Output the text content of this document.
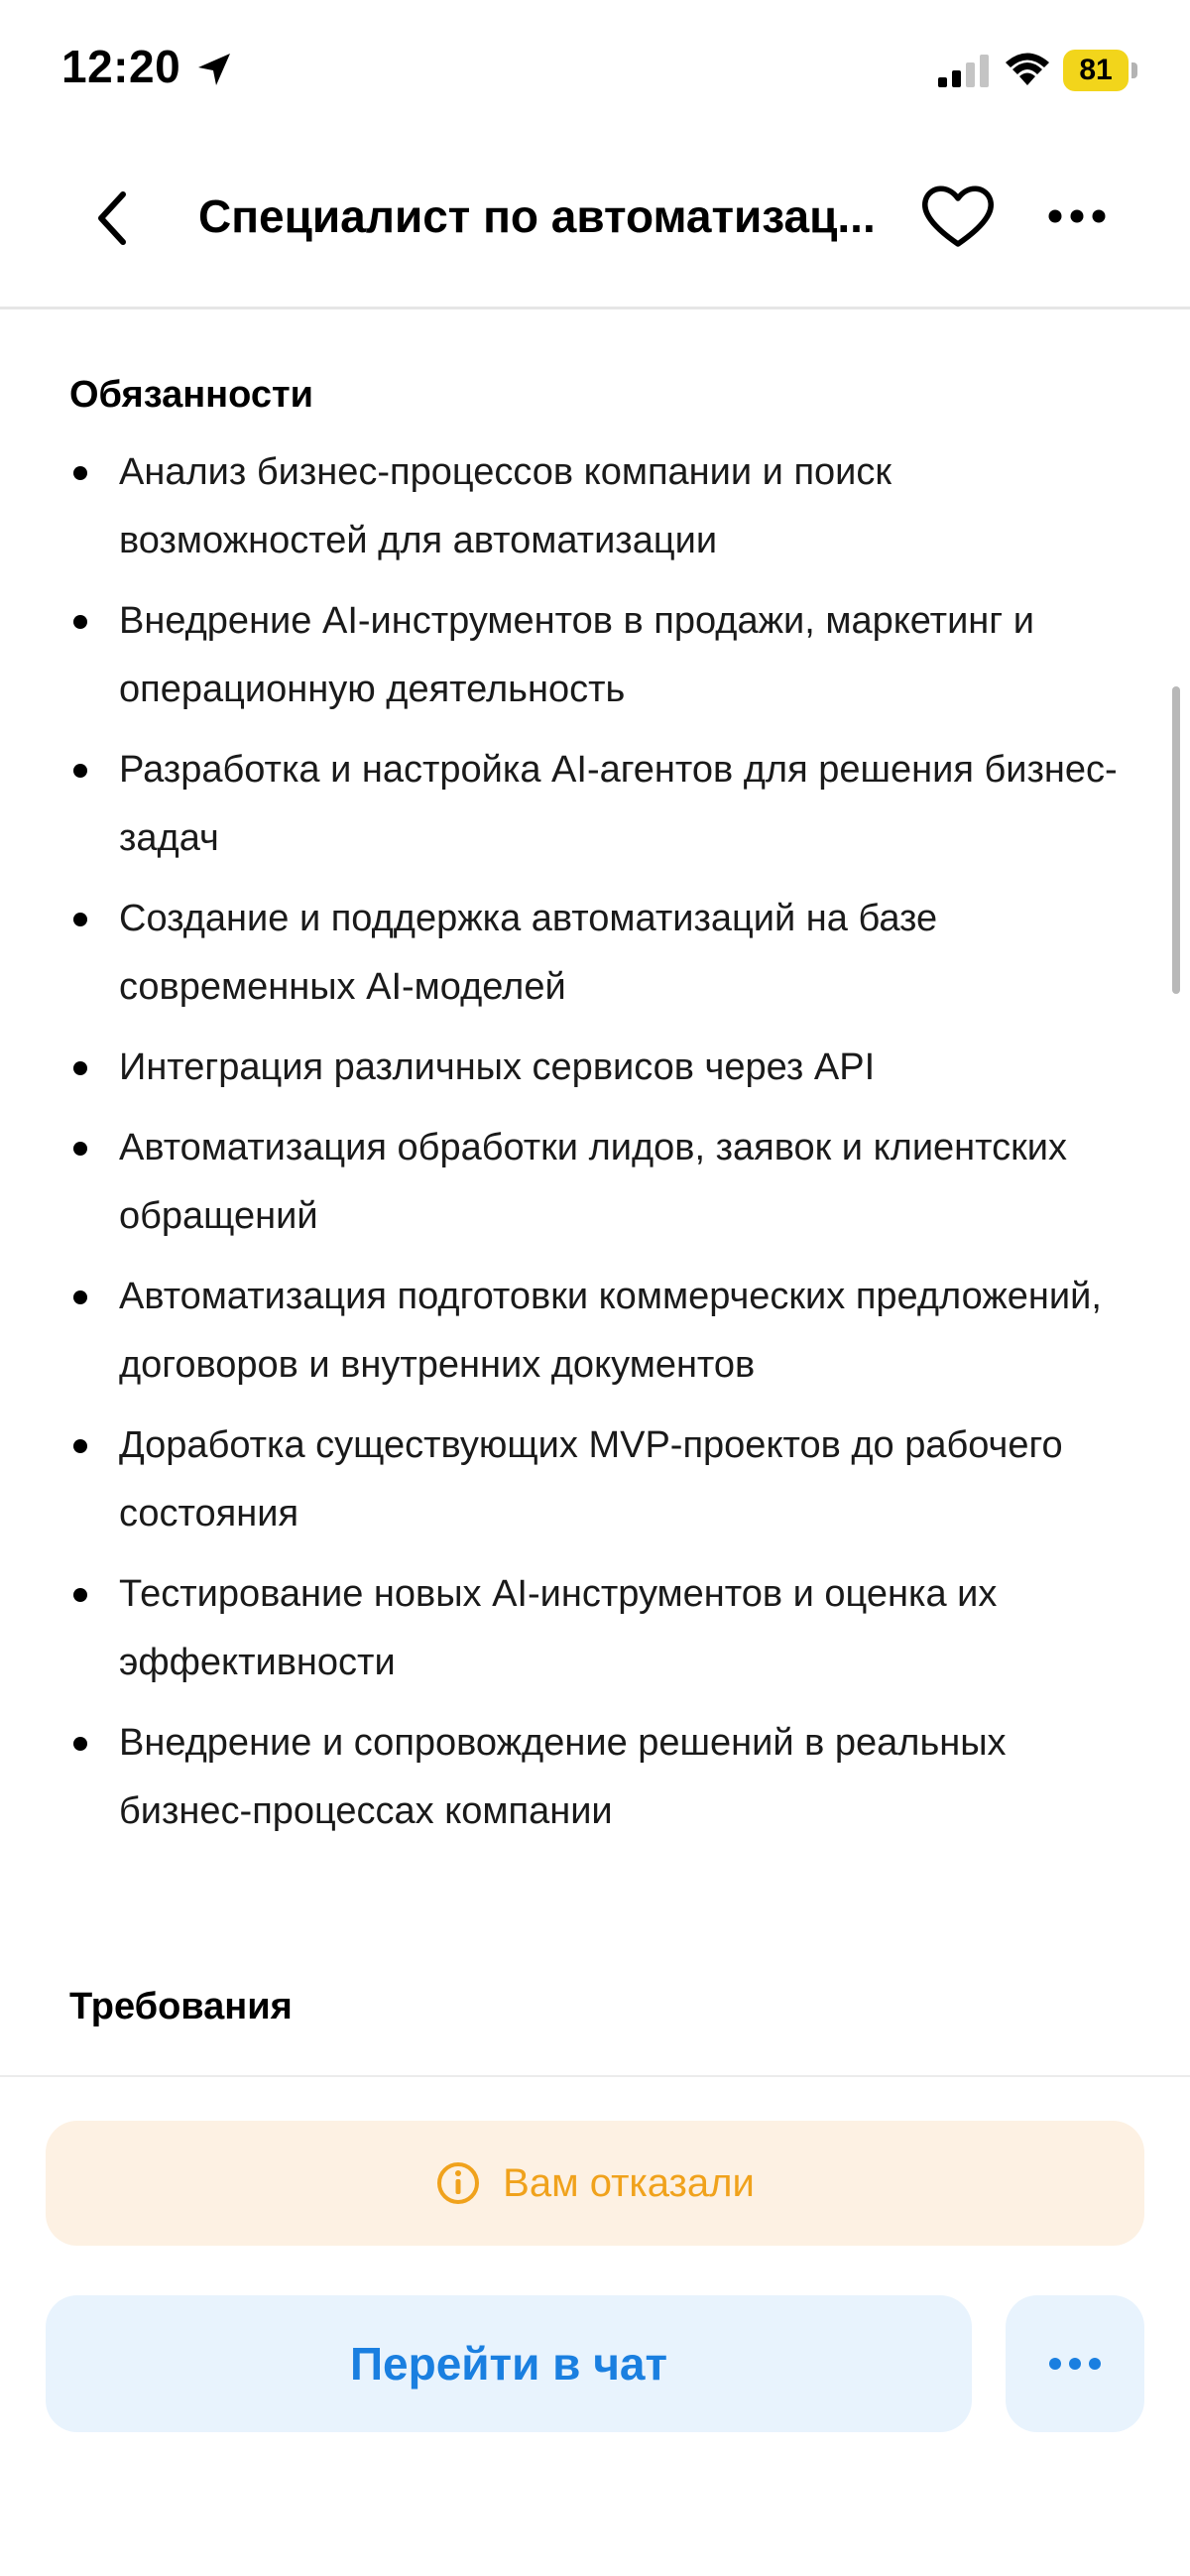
12:20	81
Специалист по автоматизац...
Обязанности
Анализ бизнес-процессов компании и поиск возможностей для автоматизации
Внедрение AI-инструментов в продажи, маркетинг и операционную деятельность
Разработка и настройка AI-агентов для решения бизнес-задач
Создание и поддержка автоматизаций на базе современных AI-моделей
Интеграция различных сервисов через API
Автоматизация обработки лидов, заявок и клиентских обращений
Автоматизация подготовки коммерческих предложений, договоров и внутренних документов
Доработка существующих MVP-проектов до рабочего состояния
Тестирование новых AI-инструментов и оценка их эффективности
Внедрение и сопровождение решений в реальных бизнес-процессах компании
Требования
Вам отказали
Перейти в чат
